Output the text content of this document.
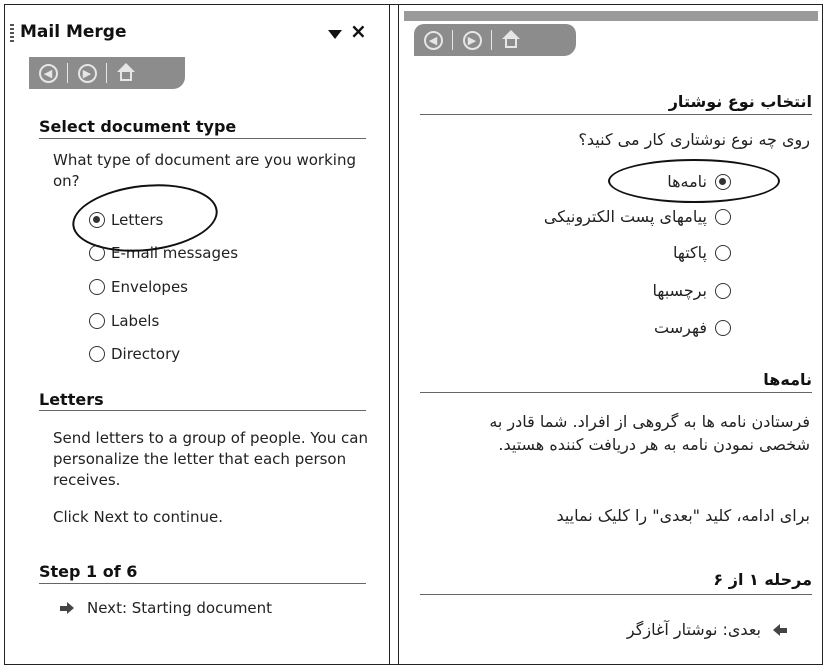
Mail Merge	×
◀	▶
Select document type
What type of document are you working on?
Letters
E-mail messages
Envelopes
Labels
Directory
Letters
Send letters to a group of people. You can personalize the letter that each person receives.
Click Next to continue.
Step 1 of 6
Next: Starting document
◀	▶
انتخاب نوع نوشتار
روی چه نوع نوشتاری کار می کنید؟
نامه‌ها
پیامهای پست الکترونیکی
پاکتها
برچسبها
فهرست
نامه‌ها
فرستادن نامه ها به گروهی از افراد. شما قادر به شخصی نمودن نامه به هر دریافت کننده هستید.
برای ادامه، کلید "بعدی" را کلیک نمایید
مرحله ۱ از ۶
بعدی: نوشتار آغازگر
